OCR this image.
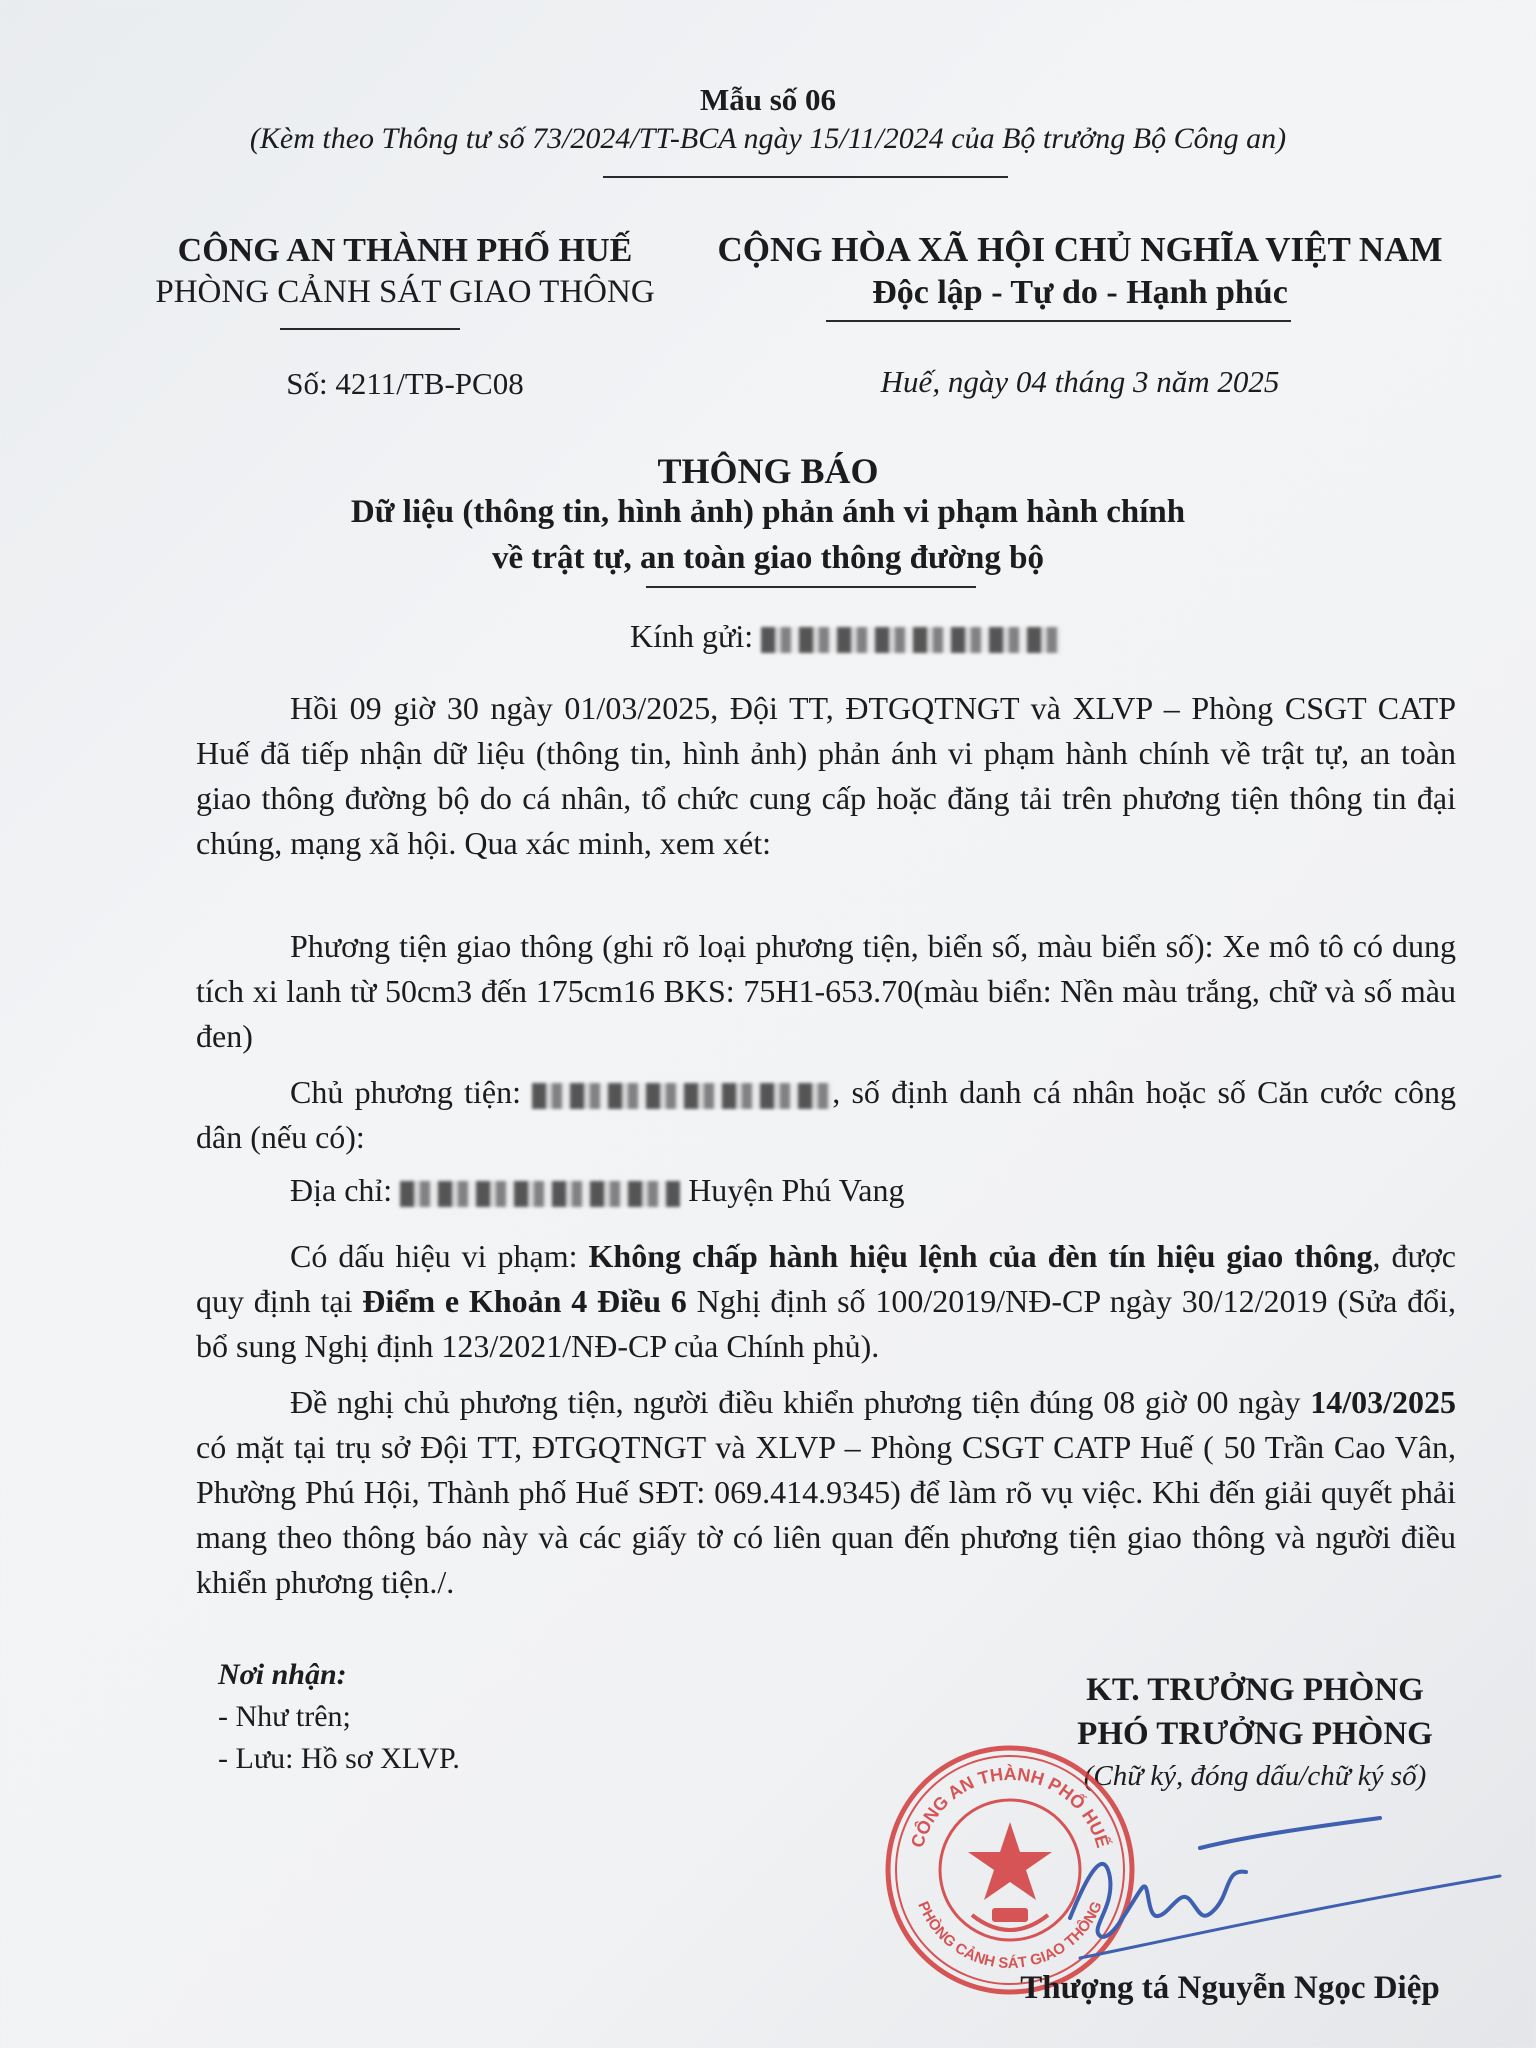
Mẫu số 06
(Kèm theo Thông tư số 73/2024/TT-BCA ngày 15/11/2024 của Bộ trưởng Bộ Công an)
CÔNG AN THÀNH PHỐ HUẾ
PHÒNG CẢNH SÁT GIAO THÔNG
CỘNG HÒA XÃ HỘI CHỦ NGHĨA VIỆT NAM
Độc lập - Tự do - Hạnh phúc
Số: 4211/TB-PC08	Huế, ngày 04 tháng 3 năm 2025
THÔNG BÁO
Dữ liệu (thông tin, hình ảnh) phản ánh vi phạm hành chính
về trật tự, an toàn giao thông đường bộ
Kính gửi:
Hồi 09 giờ 30 ngày 01/03/2025, Đội TT, ĐTGQTNGT và XLVP – Phòng CSGT CATP Huế đã tiếp nhận dữ liệu (thông tin, hình ảnh) phản ánh vi phạm hành chính về trật tự, an toàn giao thông đường bộ do cá nhân, tổ chức cung cấp hoặc đăng tải trên phương tiện thông tin đại chúng, mạng xã hội. Qua xác minh, xem xét:
Phương tiện giao thông (ghi rõ loại phương tiện, biển số, màu biển số): Xe mô tô có dung tích xi lanh từ 50cm3 đến 175cm16 BKS: 75H1-653.70(màu biển: Nền màu trắng, chữ và số màu đen)
Chủ phương tiện:	, số định danh cá nhân hoặc số Căn cước công dân (nếu có):
Địa chỉ:	Huyện Phú Vang
Có dấu hiệu vi phạm: Không chấp hành hiệu lệnh của đèn tín hiệu giao thông, được quy định tại Điểm e Khoản 4 Điều 6 Nghị định số 100/2019/NĐ-CP ngày 30/12/2019 (Sửa đổi, bổ sung Nghị định 123/2021/NĐ-CP của Chính phủ).
Đề nghị chủ phương tiện, người điều khiển phương tiện đúng 08 giờ 00 ngày 14/03/2025 có mặt tại trụ sở Đội TT, ĐTGQTNGT và XLVP – Phòng CSGT CATP Huế ( 50 Trần Cao Vân, Phường Phú Hội, Thành phố Huế SĐT: 069.414.9345) để làm rõ vụ việc. Khi đến giải quyết phải mang theo thông báo này và các giấy tờ có liên quan đến phương tiện giao thông và người điều khiển phương tiện./.
Nơi nhận:
- Như trên;
- Lưu: Hồ sơ XLVP.
KT. TRƯỞNG PHÒNG
PHÓ TRƯỞNG PHÒNG
(Chữ ký, đóng dấu/chữ ký số)
CÔNG AN THÀNH PHỐ HUẾ
PHÒNG CẢNH SÁT GIAO THÔNG
Thượng tá Nguyễn Ngọc Diệp
